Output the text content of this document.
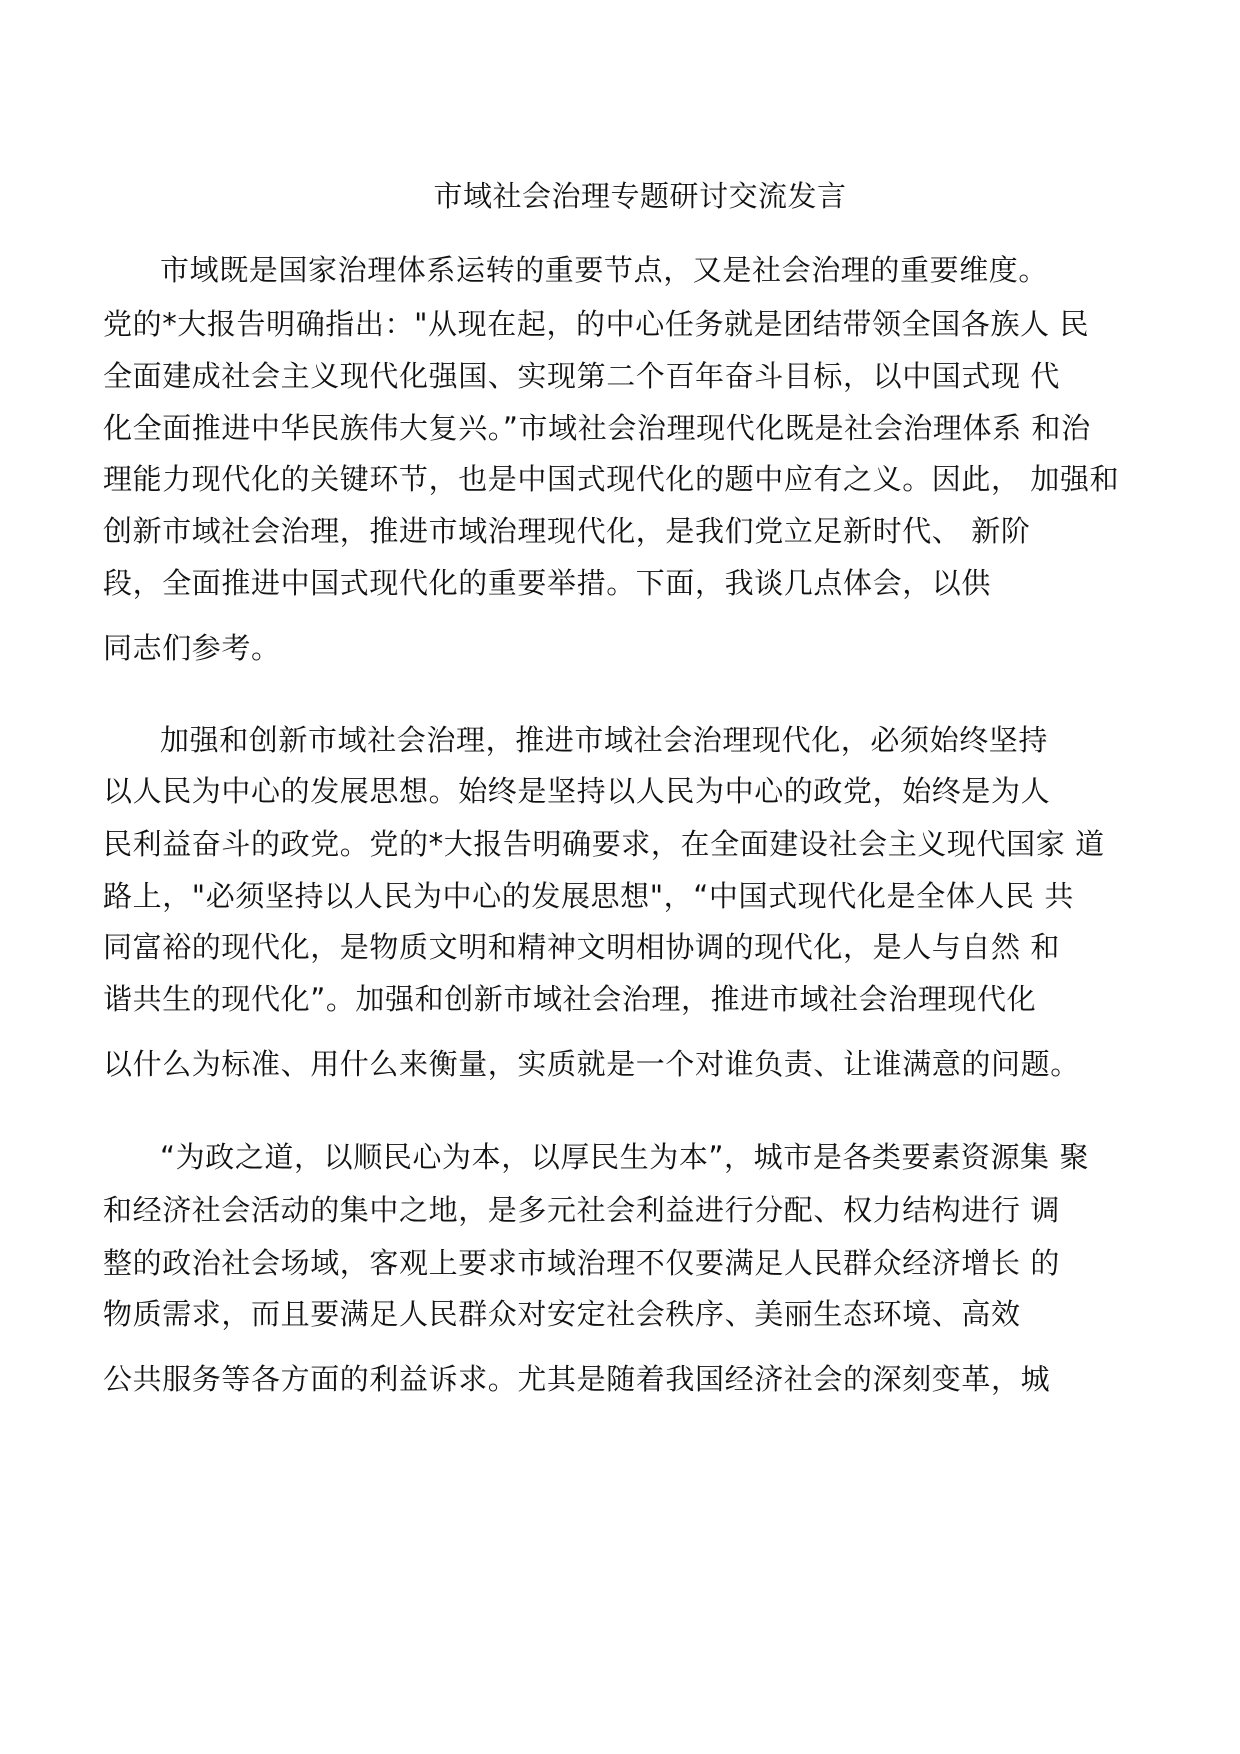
市域社会治理专题研讨交流发言
市域既是国家治理体系运转的重要节点，又是社会治理的重要维度。
党的*大报告明确指出："从现在起，的中心任务就是团结带领全国各族人 民
全面建成社会主义现代化强国、实现第二个百年奋斗目标，以中国式现 代
化全面推进中华民族伟大复兴。”市域社会治理现代化既是社会治理体系 和治
理能力现代化的关键环节，也是中国式现代化的题中应有之义。因此， 加强和
创新市域社会治理，推进市域治理现代化，是我们党立足新时代、 新阶
段，全面推进中国式现代化的重要举措。下面，我谈几点体会，以供
同志们参考。
加强和创新市域社会治理，推进市域社会治理现代化，必须始终坚持
以人民为中心的发展思想。始终是坚持以人民为中心的政党，始终是为人
民利益奋斗的政党。党的*大报告明确要求，在全面建设社会主义现代国家 道
路上，"必须坚持以人民为中心的发展思想"，“中国式现代化是全体人民 共
同富裕的现代化，是物质文明和精神文明相协调的现代化，是人与自然 和
谐共生的现代化”。加强和创新市域社会治理，推进市域社会治理现代化
以什么为标准、用什么来衡量，实质就是一个对谁负责、让谁满意的问题。
“为政之道，以顺民心为本，以厚民生为本”，城市是各类要素资源集 聚
和经济社会活动的集中之地，是多元社会利益进行分配、权力结构进行 调
整的政治社会场域，客观上要求市域治理不仅要满足人民群众经济增长 的
物质需求，而且要满足人民群众对安定社会秩序、美丽生态环境、高效
公共服务等各方面的利益诉求。尤其是随着我国经济社会的深刻变革，城
